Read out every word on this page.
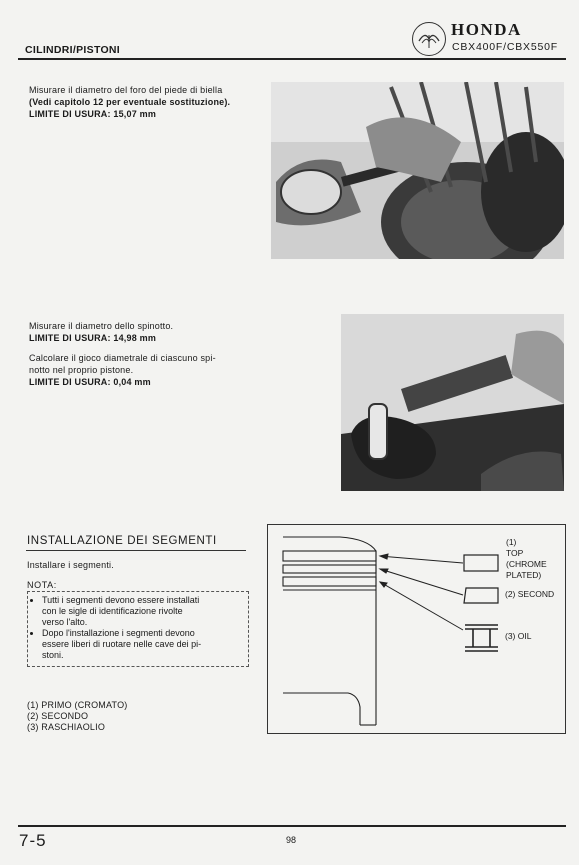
CILINDRI/PISTONI
HONDA
CBX400F/CBX550F
Misurare il diametro del foro del piede di biella
(Vedi capitolo 12 per eventuale sostituzione).
LIMITE DI USURA: 15,07 mm
Misurare il diametro dello spinotto.
LIMITE DI USURA: 14,98 mm
Calcolare il gioco diametrale di ciascuno spi-
notto nel proprio pistone.
LIMITE DI USURA: 0,04 mm
INSTALLAZIONE DEI SEGMENTI
Installare i segmenti.
NOTA:
• Tutti i segmenti devono essere installati
con le sigle di identificazione rivolte
verso l'alto.
• Dopo l'installazione i segmenti devono
essere liberi di ruotare nelle cave dei pi-
stoni.
(1) PRIMO (CROMATO)
(2) SECONDO
(3) RASCHIAOLIO
(1)
TOP
(CHROME
PLATED)
(2) SECOND
(3) OIL
7-5	98
